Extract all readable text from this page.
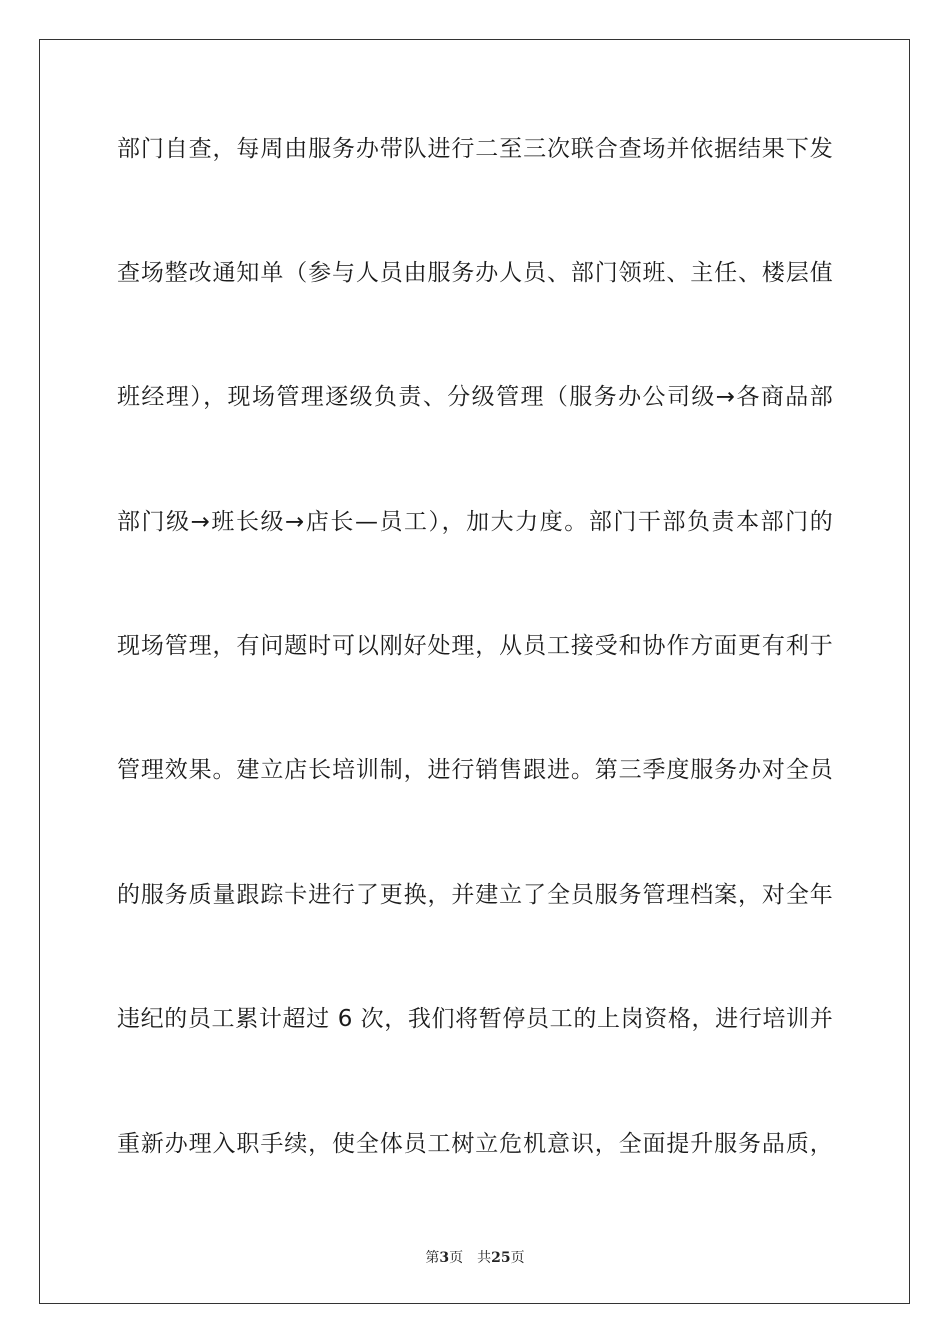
部门自查，每周由服务办带队进行二至三次联合查场并依据结果下发
查场整改通知单（参与人员由服务办人员、部门领班、主任、楼层值
班经理），现场管理逐级负责、分级管理（服务办公司级→各商品部
部门级→班长级→店长—员工），加大力度。部门干部负责本部门的
现场管理，有问题时可以刚好处理，从员工接受和协作方面更有利于
管理效果。建立店长培训制，进行销售跟进。第三季度服务办对全员
的服务质量跟踪卡进行了更换，并建立了全员服务管理档案，对全年
违纪的员工累计超过 6 次，我们将暂停员工的上岗资格，进行培训并
重新办理入职手续，使全体员工树立危机意识，全面提升服务品质，
第3页 共25页
